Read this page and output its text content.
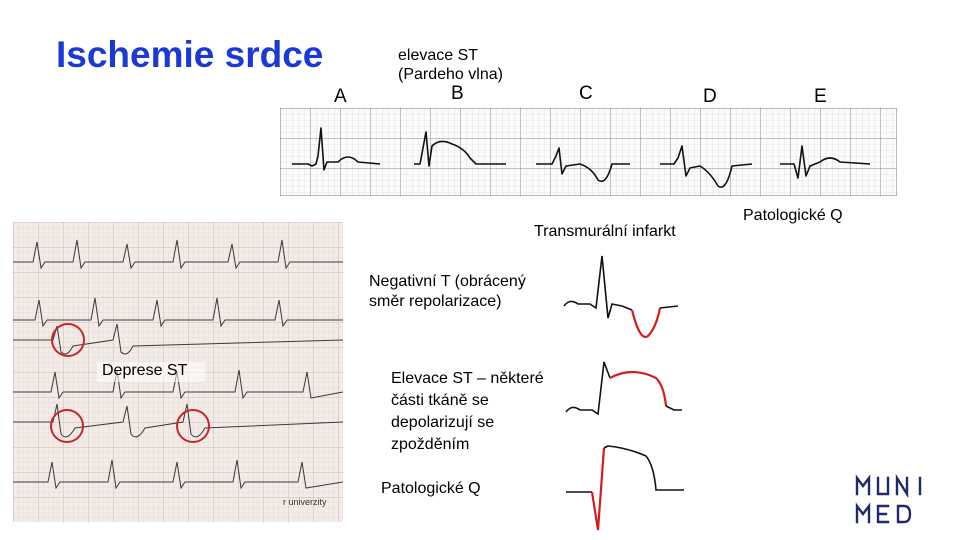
Ischemie srdce
A
elevace ST
(Pardeho vlna)
B	C	D	E
Transmurální infarkt
Patologické Q
Deprese ST
r univerzity
Negativní T (obrácený
směr repolarizace)
Elevace ST – některé
části tkáně se
depolarizují se
zpožděním
Patologické Q
